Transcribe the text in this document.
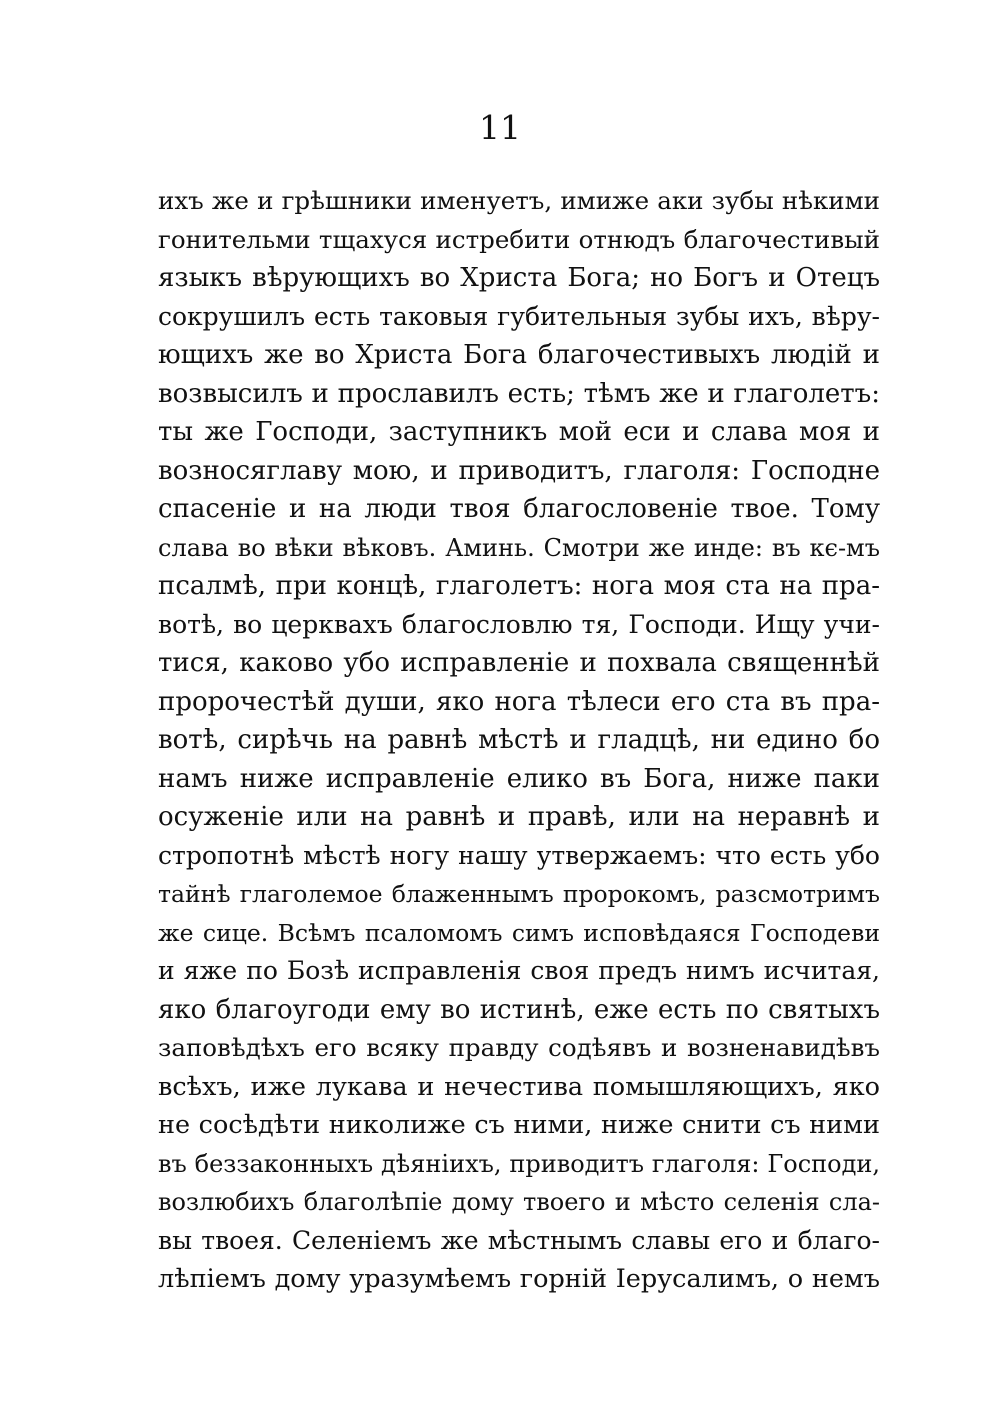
11
ихъ же и грѣшники именуетъ, имиже аки зубы нѣкими
гонительми тщахуся истребити отнюдъ благочестивый
языкъ вѣрующихъ во Христа Бога; но Богъ и Отецъ
сокрушилъ есть таковыя губительныя зубы ихъ, вѣру-
ющихъ же во Христа Бога благочестивыхъ людій и
возвысилъ и прославилъ есть; тѣмъ же и глаголетъ:
ты же Господи, заступникъ мой еси и слава моя и
возносяглаву мою, и приводитъ, глаголя: Господне
спасеніе и на люди твоя благословеніе твое. Тому
слава во вѣки вѣковъ. Аминь. Смотри же инде: въ кє-мъ
псалмѣ, при концѣ, глаголетъ: нога моя ста на пра-
вотѣ, во церквахъ благословлю тя, Господи. Ищу учи-
тися, каково убо исправленіе и похвала священнѣй
пророчестѣй души, яко нога тѣлеси его ста въ пра-
вотѣ, сирѣчь на равнѣ мѣстѣ и гладцѣ, ни едино бо
намъ ниже исправленіе елико въ Бога, ниже паки
осуженіе или на равнѣ и правѣ, или на неравнѣ и
стропотнѣ мѣстѣ ногу нашу утвержаемъ: что есть убо
тайнѣ глаголемое блаженнымъ пророкомъ, разсмотримъ
же сице. Всѣмъ псаломомъ симъ исповѣдаяся Господеви
и яже по Бозѣ исправленія своя предъ нимъ исчитая,
яко благоугоди ему во истинѣ, еже есть по святыхъ
заповѣдѣхъ его всяку правду содѣявъ и возненавидѣвъ
всѣхъ, иже лукава и нечестива помышляющихъ, яко
не сосѣдѣти николиже съ ними, ниже снити съ ними
въ беззаконныхъ дѣяніихъ, приводитъ глаголя: Господи,
возлюбихъ благолѣпіе дому твоего и мѣсто селенія сла-
вы твоея. Селеніемъ же мѣстнымъ славы его и благо-
лѣпіемъ дому уразумѣемъ горній Іерусалимъ, о немъ
